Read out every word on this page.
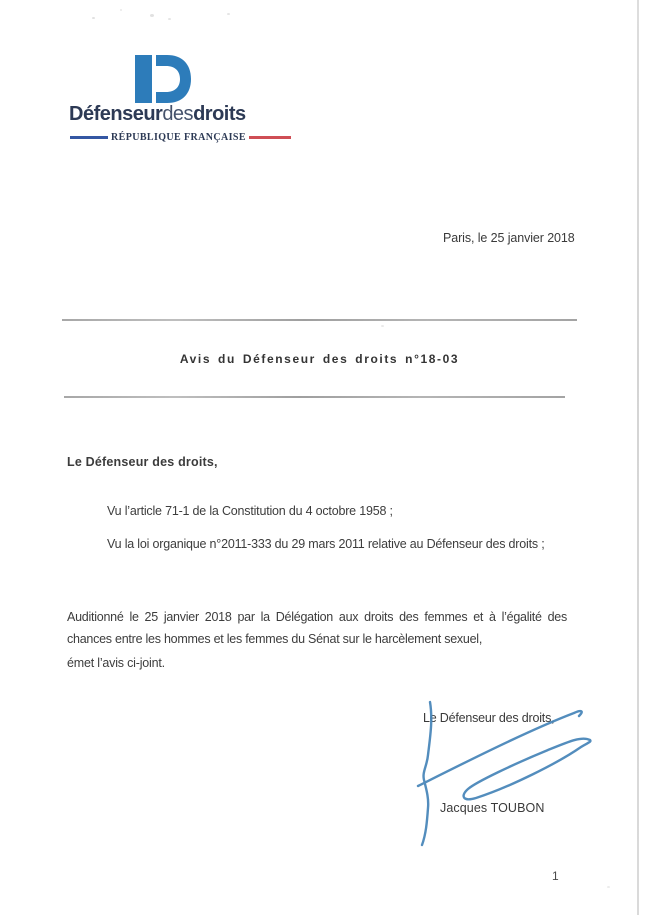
Défenseurdesdroits
RÉPUBLIQUE FRANÇAISE
Paris, le 25 janvier 2018
Avis du Défenseur des droits n°18-03
Le Défenseur des droits,
Vu l’article 71-1 de la Constitution du 4 octobre 1958 ;
Vu la loi organique n°2011-333 du 29 mars 2011 relative au Défenseur des droits ;
Auditionné le 25 janvier 2018 par la Délégation aux droits des femmes et à l’égalité des chances entre les hommes et les femmes du Sénat sur le harcèlement sexuel,
émet l’avis ci-joint.
Le Défenseur des droits,
Jacques TOUBON
1
